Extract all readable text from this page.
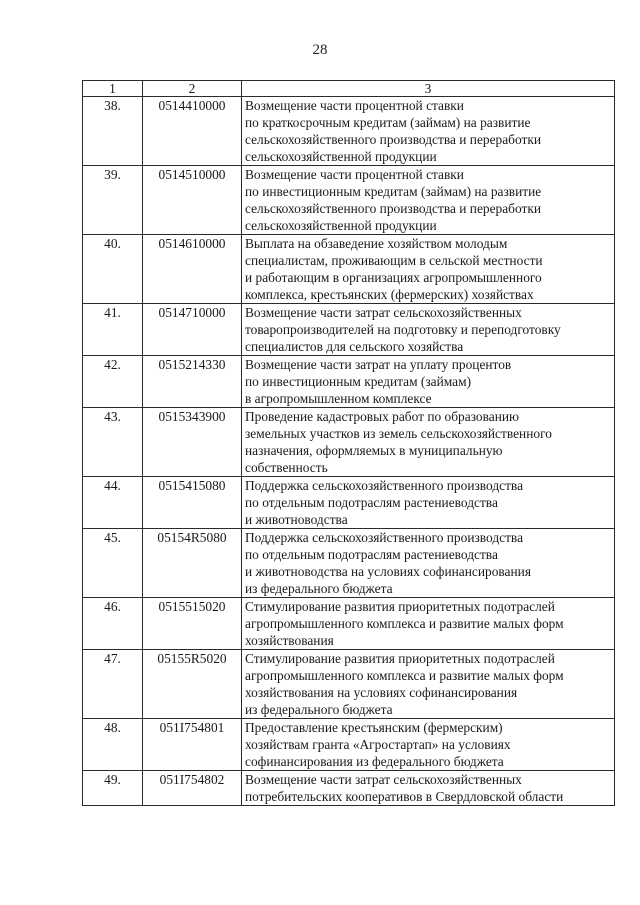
28
1	2	3
38.	0514410000	Возмещение части процентной ставки
по краткосрочным кредитам (займам) на развитие
сельскохозяйственного производства и переработки
сельскохозяйственной продукции
39.	0514510000	Возмещение части процентной ставки
по инвестиционным кредитам (займам) на развитие
сельскохозяйственного производства и переработки
сельскохозяйственной продукции
40.	0514610000	Выплата на обзаведение хозяйством молодым
специалистам, проживающим в сельской местности
и работающим в организациях агропромышленного
комплекса, крестьянских (фермерских) хозяйствах
41.	0514710000	Возмещение части затрат сельскохозяйственных
товаропроизводителей на подготовку и переподготовку
специалистов для сельского хозяйства
42.	0515214330	Возмещение части затрат на уплату процентов
по инвестиционным кредитам (займам)
в агропромышленном комплексе
43.	0515343900	Проведение кадастровых работ по образованию
земельных участков из земель сельскохозяйственного
назначения, оформляемых в муниципальную
собственность
44.	0515415080	Поддержка сельскохозяйственного производства
по отдельным подотраслям растениеводства
и животноводства
45.	05154R5080	Поддержка сельскохозяйственного производства
по отдельным подотраслям растениеводства
и животноводства на условиях софинансирования
из федерального бюджета
46.	0515515020	Стимулирование развития приоритетных подотраслей
агропромышленного комплекса и развитие малых форм
хозяйствования
47.	05155R5020	Стимулирование развития приоритетных подотраслей
агропромышленного комплекса и развитие малых форм
хозяйствования на условиях софинансирования
из федерального бюджета
48.	051I754801	Предоставление крестьянским (фермерским)
хозяйствам гранта «Агростартап» на условиях
софинансирования из федерального бюджета
49.	051I754802	Возмещение части затрат сельскохозяйственных
потребительских кооперативов в Свердловской области
